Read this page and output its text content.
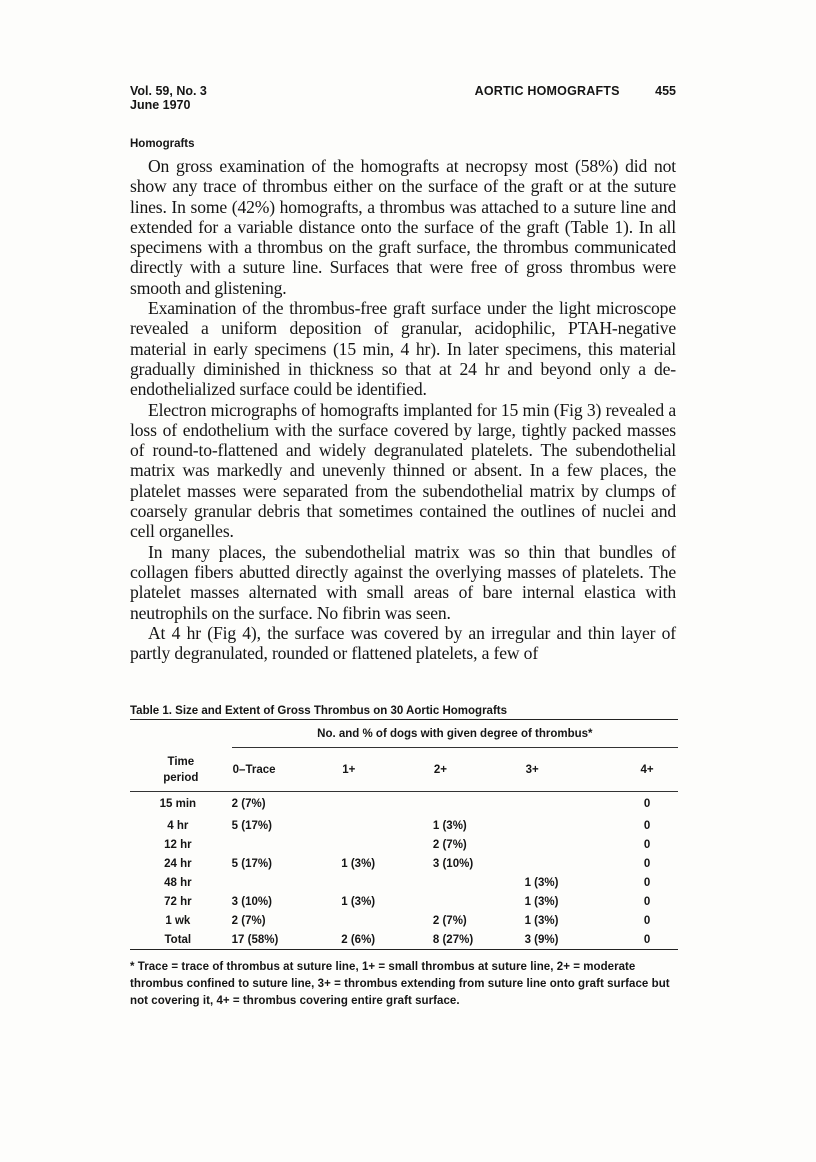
Vol. 59, No. 3
June 1970
AORTIC HOMOGRAFTS	455
Homografts

On gross examination of the homografts at necropsy most (58%) did not show any trace of thrombus either on the surface of the graft or at the suture lines. In some (42%) homografts, a thrombus was attached to a suture line and extended for a variable distance onto the surface of the graft (Table 1). In all specimens with a thrombus on the graft surface, the thrombus communicated directly with a suture line. Surfaces that were free of gross thrombus were smooth and glistening.

Examination of the thrombus-free graft surface under the light microscope revealed a uniform deposition of granular, acidophilic, PTAH-negative material in early specimens (15 min, 4 hr). In later specimens, this material gradually diminished in thickness so that at 24 hr and beyond only a de-endothelialized surface could be identified.

Electron micrographs of homografts implanted for 15 min (Fig 3) revealed a loss of endothelium with the surface covered by large, tightly packed masses of round-to-flattened and widely degranulated platelets. The subendothelial matrix was markedly and unevenly thinned or absent. In a few places, the platelet masses were separated from the subendothelial matrix by clumps of coarsely granular debris that sometimes contained the outlines of nuclei and cell organelles.

In many places, the subendothelial matrix was so thin that bundles of collagen fibers abutted directly against the overlying masses of platelets. The platelet masses alternated with small areas of bare internal elastica with neutrophils on the surface. No fibrin was seen.

At 4 hr (Fig 4), the surface was covered by an irregular and thin layer of partly degranulated, rounded or flattened platelets, a few of

Table 1. Size and Extent of Gross Thrombus on 30 Aortic Homografts
	No. and % of dogs with given degree of thrombus*				

Time
period	0–Trace	1+	2+	3+	4+
15 min	2 (7%)				0
4 hr	5 (17%)		1 (3%)		0
12 hr			2 (7%)		0
24 hr	5 (17%)	1 (3%)	3 (10%)		0
48 hr				1 (3%)	0
72 hr	3 (10%)	1 (3%)		1 (3%)	0
1 wk	2 (7%)		2 (7%)	1 (3%)	0
Total	17 (58%)	2 (6%)	8 (27%)	3 (9%)	0
* Trace = trace of thrombus at suture line, 1+ = small thrombus at suture line, 2+ = moderate thrombus confined to suture line, 3+ = thrombus extending from suture line onto graft surface but not covering it, 4+ = thrombus covering entire graft surface.
